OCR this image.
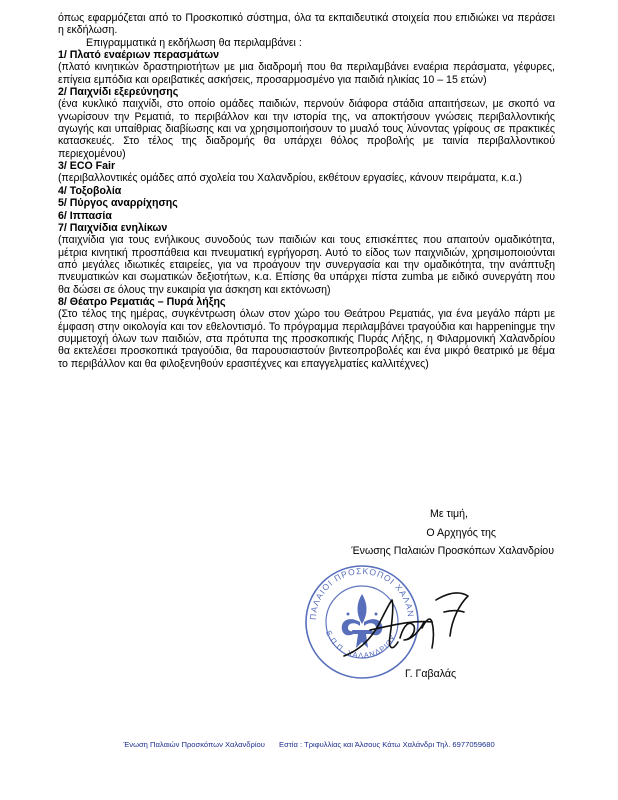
όπως εφαρμόζεται από το Προσκοπικό σύστημα, όλα τα εκπαιδευτικά στοιχεία που επιδιώκει να περάσει η εκδήλωση.

Επιγραμματικά η εκδήλωση θα περιλαμβάνει :

1/ Πλατό εναέριων περασμάτων

(πλατό κινητικών δραστηριοτήτων με μια διαδρομή που θα περιλαμβάνει εναέρια περάσματα, γέφυρες, επίγεια εμπόδια και ορειβατικές ασκήσεις, προσαρμοσμένο για παιδιά ηλικίας 10 – 15 ετών)

2/ Παιχνίδι εξερεύνησης

(ένα κυκλικό παιχνίδι, στο οποίο ομάδες παιδιών, περνούν διάφορα στάδια απαιτήσεων, με σκοπό να γνωρίσουν την Ρεματιά, το περιβάλλον και την ιστορία της, να αποκτήσουν γνώσεις περιβαλλοντικής αγωγής και υπαίθριας διαβίωσης και να χρησιμοποιήσουν το μυαλό τους λύνοντας γρίφους σε πρακτικές κατασκευές. Στο τέλος της διαδρομής θα υπάρχει θόλος προβολής με ταινία περιβαλλοντικού περιεχομένου)

3/ ECO Fair

(περιβαλλοντικές ομάδες από σχολεία του Χαλανδρίου, εκθέτουν εργασίες, κάνουν πειράματα, κ.α.)

4/ Τοξοβολία

5/ Πύργος αναρρίχησης

6/ Ιππασία

7/ Παιχνίδια ενηλίκων

(παιχνίδια για τους ενήλικους συνοδούς των παιδιών και τους επισκέπτες που απαιτούν ομαδικότητα, μέτρια κινητική προσπάθεια και πνευματική εγρήγορση. Αυτό το είδος των παιχνιδιών, χρησιμοποιούνται από μεγάλες ιδιωτικές εταιρείες, για να προάγουν την συνεργασία και την ομαδικότητα, την ανάπτυξη πνευματικών και σωματικών δεξιοτήτων, κ.α. Επίσης θα υπάρχει πίστα zumba με ειδικό συνεργάτη που θα δώσει σε όλους την ευκαιρία για άσκηση και εκτόνωση)

8/ Θέατρο Ρεματιάς – Πυρά λήξης

(Στο τέλος της ημέρας, συγκέντρωση όλων στον χώρο του Θεάτρου Ρεματιάς, για ένα μεγάλο πάρτι με έμφαση στην οικολογία και τον εθελοντισμό. Το πρόγραμμα περιλαμβάνει τραγούδια και happeningμε την συμμετοχή όλων των παιδιών, στα πρότυπα της προσκοπικής Πυράς Λήξης, η Φιλαρμονική Χαλανδρίου θα εκτελέσει προσκοπικά τραγούδια, θα παρουσιαστούν βιντεοπροβολές και ένα μικρό θεατρικό με θέμα το περιβάλλον και θα φιλοξενηθούν ερασιτέχνες και επαγγελματίες καλλιτέχνες)

Με τιμή,
Ο Αρχηγός της
Ένωσης Παλαιών Προσκόπων Χαλανδρίου
ΠΑΛΑΙΟΙ ΠΡΟΣΚΟΠΟΙ ΧΑΛΑΝ
Ε.Π.Π. ΧΑΛΑΝΔΡΙΟΥ
Γ. Γαβαλάς
Ένωση Παλαιών Προσκόπων Χαλανδρίου Εστία : Τριφυλλίας και Άλσους Κάτω Χαλάνδρι Τηλ. 6977059680
